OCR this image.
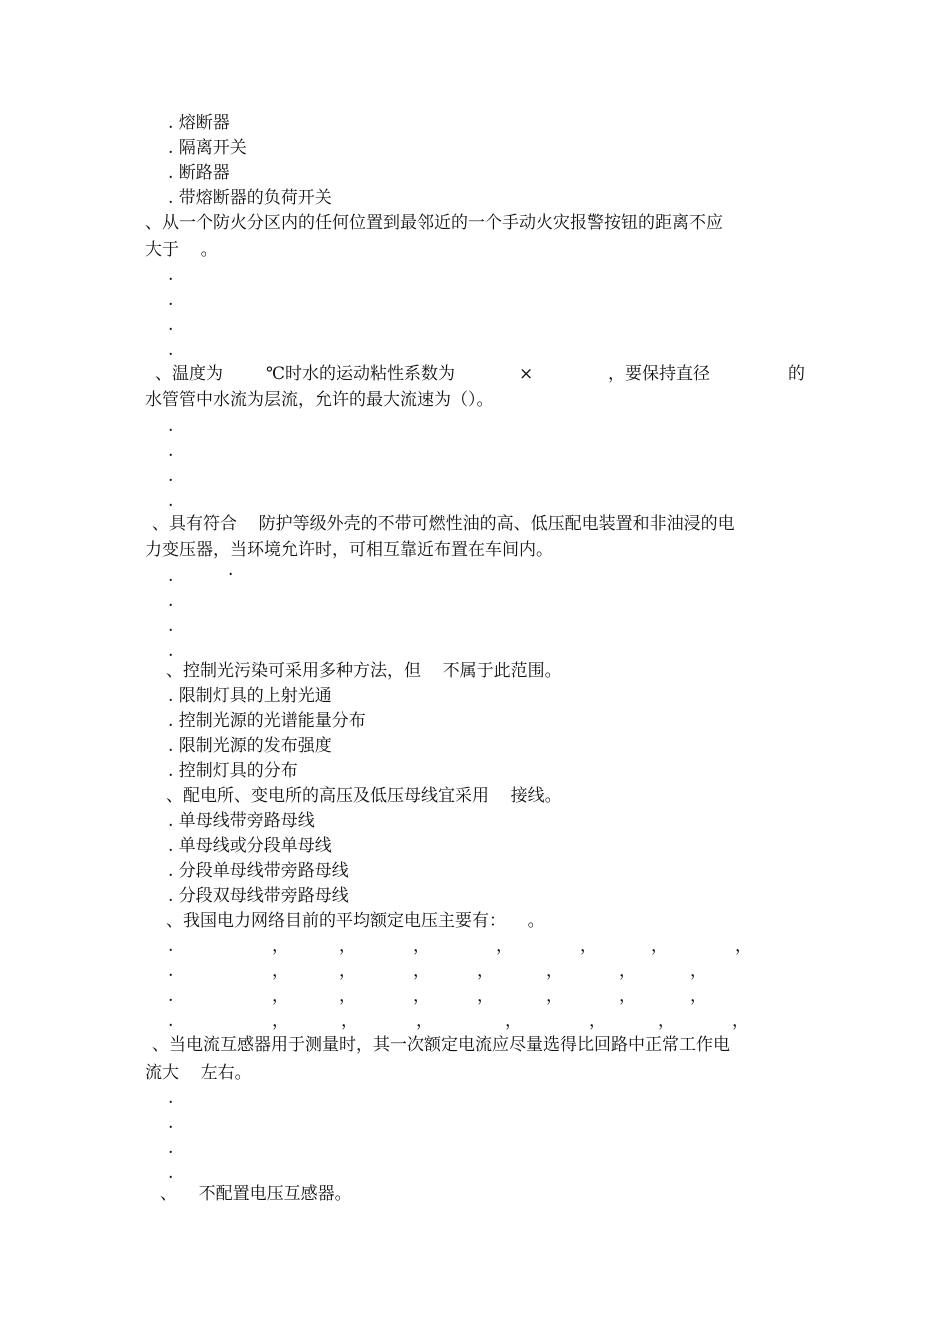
. 熔断器
. 隔离开关
. 断路器
. 带熔断器的负荷开关
、从一个防火分区内的任何位置到最邻近的一个手动火灾报警按钮的距离不应
大于    。
.
.
.
.
、温度为	℃时水的运动粘性系数为	×	，要保持直径	的
水管管中水流为层流，允许的最大流速为（）。
.
.
.
.
、具有符合    防护等级外壳的不带可燃性油的高、低压配电装置和非油浸的电
力变压器，当环境允许时，可相互靠近布置在车间内。
.	·
.
.
.
、控制光污染可采用多种方法，但    不属于此范围。
. 限制灯具的上射光通
. 控制光源的光谱能量分布
. 限制光源的发布强度
. 控制灯具的分布
、配电所、变电所的高压及低压母线宜采用    接线。
. 单母线带旁路母线
. 单母线或分段单母线
. 分段单母线带旁路母线
. 分段双母线带旁路母线
、我国电力网络目前的平均额定电压主要有：    。
.	，	，	，	，	，	，	，
.	，	，	，	，	，	，	，
.	，	，	，	，	，	，	，
.	，	，	，	，	，	，	，
、当电流互感器用于测量时，其一次额定电流应尽量选得比回路中正常工作电
流大    左右。
.
.
.
.
、    不配置电压互感器。
